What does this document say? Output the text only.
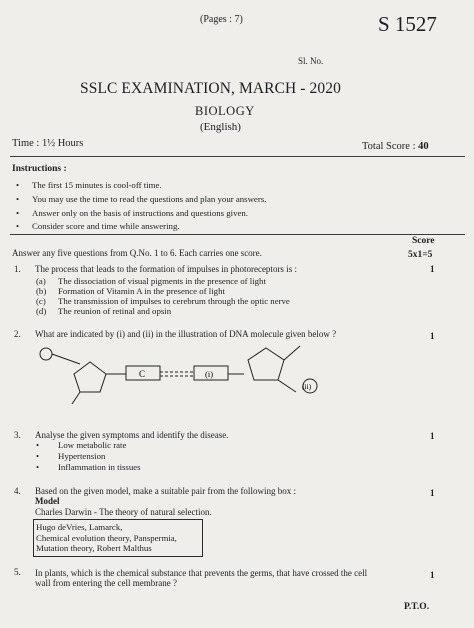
(Pages : 7)	S 1527
Sl. No.
SSLC EXAMINATION, MARCH - 2020
BIOLOGY
(English)
Time : 1½ Hours	Total Score : 40
Instructions :
• The first 15 minutes is cool-off time.
• You may use the time to read the questions and plan your answers.
• Answer only on the basis of instructions and questions given.
• Consider score and time while answering.
Score
Answer any five questions from Q.No. 1 to 6. Each carries one score.	5x1=5
1. The process that leads to the formation of impulses in photoreceptors is :	1
(a) The dissociation of visual pigments in the presence of light
(b) Formation of Vitamin A in the presence of light
(c) The transmission of impulses to cerebrum through the optic nerve
(d) The reunion of retinal and opsin
2. What are indicated by (i) and (ii) in the illustration of DNA molecule given below ?	1
C	(i)
(ii)
3. Analyse the given symptoms and identify the disease.	1
• Low metabolic rate
• Hypertension
• Inflammation in tissues
4. Based on the given model, make a suitable pair from the following box :	1
Model
Charles Darwin - The theory of natural selection.
Hugo deVries, Lamarck,
Chemical evolution theory, Panspermia,
Mutation theory, Robert Malthus
5. In plants, which is the chemical substance that prevents the germs, that have crossed the cell
wall from entering the cell membrane ?
1
P.T.O.
